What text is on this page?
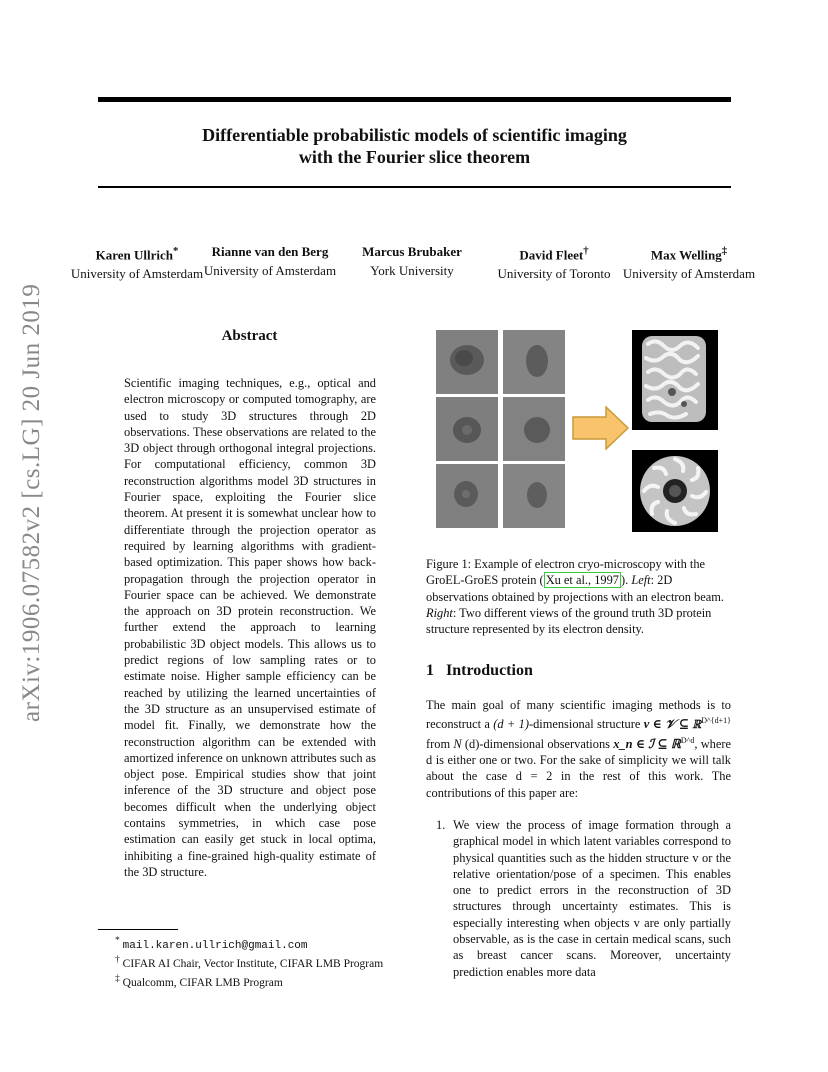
arXiv:1906.07582v2 [cs.LG] 20 Jun 2019
Differentiable probabilistic models of scientific imaging
with the Fourier slice theorem
Karen Ullrich*
University of Amsterdam
Rianne van den Berg
University of Amsterdam
Marcus Brubaker
York University
David Fleet†
University of Toronto
Max Welling‡
University of Amsterdam
Abstract
Scientific imaging techniques, e.g., optical and electron microscopy or computed tomography, are used to study 3D structures through 2D observations. These observations are related to the 3D object through orthogonal integral projections. For computational efficiency, common 3D reconstruction algorithms model 3D structures in Fourier space, exploiting the Fourier slice theorem. At present it is somewhat unclear how to differentiate through the projection operator as required by learning algorithms with gradient-based optimization. This paper shows how back-propagation through the projection operator in Fourier space can be achieved. We demonstrate the approach on 3D protein reconstruction. We further extend the approach to learning probabilistic 3D object models. This allows us to predict regions of low sampling rates or to estimate noise. Higher sample efficiency can be reached by utilizing the learned uncertainties of the 3D structure as an unsupervised estimate of model fit. Finally, we demonstrate how the reconstruction algorithm can be extended with amortized inference on unknown attributes such as object pose. Empirical studies show that joint inference of the 3D structure and object pose becomes difficult when the underlying object contains symmetries, in which case pose estimation can easily get stuck in local optima, inhibiting a fine-grained high-quality estimate of the 3D structure.
* mail.karen.ullrich@gmail.com
† CIFAR AI Chair, Vector Institute, CIFAR LMB Program
‡ Qualcomm, CIFAR LMB Program
Figure 1: Example of electron cryo-microscopy with the GroEL-GroES protein ( Xu et al., 1997 ). Left: 2D observations obtained by projections with an electron beam. Right: Two different views of the ground truth 3D protein structure represented by its electron density.
1 Introduction
The main goal of many scientific imaging methods is to reconstruct a (d + 1)-dimensional structure v ∈ 𝒱 ⊆ ℝ$^{D\^{}\{d+1\}}$ from N (d)-dimensional observations x_n ∈ ℐ ⊆ ℝ$^{D\^{}d}$, where d is either one or two. For the sake of simplicity we will talk about the case d = 2 in the rest of this work. The contributions of this paper are:
1. We view the process of image formation through a graphical model in which latent variables correspond to physical quantities such as the hidden structure v or the relative orientation/pose of a specimen. This enables one to predict errors in the reconstruction of 3D structures through uncertainty estimates. This is especially interesting when objects v are only partially observable, as is the case in certain medical scans, such as breast cancer scans. Moreover, uncertainty prediction enables more data
